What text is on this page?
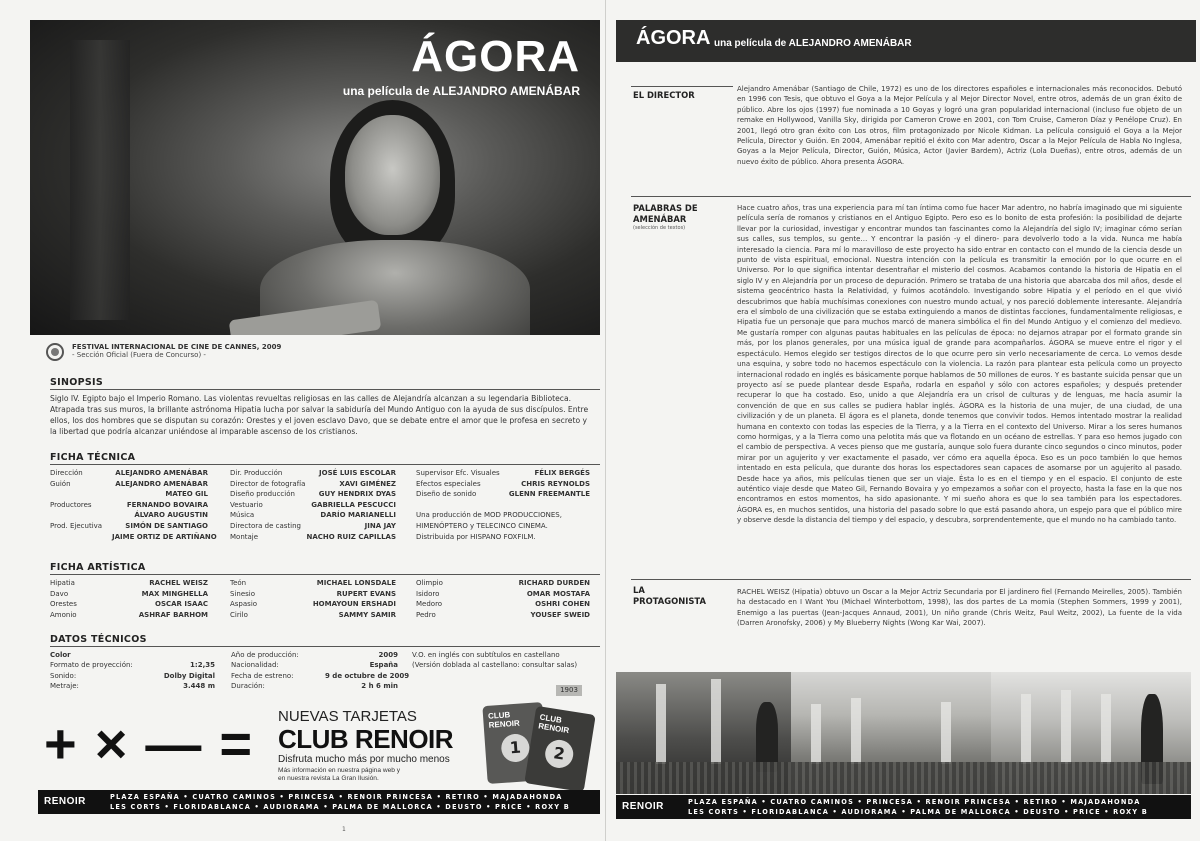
ÁGORA
una película de ALEJANDRO AMENÁBAR
FESTIVAL INTERNACIONAL DE CINE DE CANNES, 2009
- Sección Oficial (Fuera de Concurso) -
SINOPSIS
Siglo IV. Egipto bajo el Imperio Romano. Las violentas revueltas religiosas en las calles de Alejandría alcanzan a su legendaria Biblioteca. Atrapada tras sus muros, la brillante astrónoma Hipatia lucha por salvar la sabiduría del Mundo Antiguo con la ayuda de sus discípulos. Entre ellos, los dos hombres que se disputan su corazón: Orestes y el joven esclavo Davo, que se debate entre el amor que le profesa en secreto y la libertad que podría alcanzar uniéndose al imparable ascenso de los cristianos.
FICHA TÉCNICA
Dirección	ALEJANDRO AMENÁBAR	Dir. Producción	JOSÉ LUIS ESCOLAR	Supervisor Efc. Visuales	FÉLIX BERGÉS
Guión	ALEJANDRO AMENÁBAR	Director de fotografía	XAVI GIMÉNEZ	Efectos especiales	CHRIS REYNOLDS
MATEO GIL	Diseño producción	GUY HENDRIX DYAS	Diseño de sonido	GLENN FREEMANTLE
Productores	FERNANDO BOVAIRA	Vestuario	GABRIELLA PESCUCCI
ÁLVARO AUGUSTIN	Música	DARÍO MARIANELLI	Una producción de MOD PRODUCCIONES,
Prod. Ejecutiva	SIMÓN DE SANTIAGO	Directora de casting	JINA JAY	HIMENÓPTERO y TELECINCO CINEMA.
JAIME ORTIZ DE ARTIÑANO	Montaje	NACHO RUIZ CAPILLAS	Distribuida por HISPANO FOXFILM.
FICHA ARTÍSTICA
Hipatia	RACHEL WEISZ	Teón	MICHAEL LONSDALE	Olimpio	RICHARD DURDEN
Davo	MAX MINGHELLA	Sinesio	RUPERT EVANS	Isidoro	OMAR MOSTAFA
Orestes	OSCAR ISAAC	Aspasio	HOMAYOUN ERSHADI	Medoro	OSHRI COHEN
Amonio	ASHRAF BARHOM	Cirilo	SAMMY SAMIR	Pedro	YOUSEF SWEID
DATOS TÉCNICOS
Color	Año de producción:	2009	V.O. en inglés con subtítulos en castellano
Formato de proyección:	1:2,35	Nacionalidad:	España	(Versión doblada al castellano: consultar salas)
Sonido:	Dolby Digital	Fecha de estreno:	9 de octubre de 2009
Metraje:	3.448 m	Duración:	2 h 6 min
1903
+ × — = NUEVAS TARJETAS
CLUB RENOIR
Disfruta mucho más por mucho menos
Más información en nuestra página web y
en nuestra revista La Gran Ilusión.
CLUB RENOIR
1
CLUB RENOIR
2
RENOIR	PLAZA ESPAÑA • CUATRO CAMINOS • PRINCESA • RENOIR PRINCESA • RETIRO • MAJADAHONDA
LES CORTS • FLORIDABLANCA • AUDIORAMA • PALMA DE MALLORCA • DEUSTO • PRICE • ROXY B
1
ÁGORA una película de ALEJANDRO AMENÁBAR
EL DIRECTOR
Alejandro Amenábar (Santiago de Chile, 1972) es uno de los directores españoles e internacionales más reconocidos. Debutó en 1996 con Tesis, que obtuvo el Goya a la Mejor Película y al Mejor Director Novel, entre otros, además de un gran éxito de público. Abre los ojos (1997) fue nominada a 10 Goyas y logró una gran popularidad internacional (incluso fue objeto de un remake en Hollywood, Vanilla Sky, dirigida por Cameron Crowe en 2001, con Tom Cruise, Cameron Díaz y Penélope Cruz). En 2001, llegó otro gran éxito con Los otros, film protagonizado por Nicole Kidman. La película consiguió el Goya a la Mejor Película, Director y Guión. En 2004, Amenábar repitió el éxito con Mar adentro, Oscar a la Mejor Película de Habla No Inglesa, Goyas a la Mejor Película, Director, Guión, Música, Actor (Javier Bardem), Actriz (Lola Dueñas), entre otros, además de un nuevo éxito de público. Ahora presenta ÁGORA.
PALABRAS DE AMENÁBAR
(selección de textos)
Hace cuatro años, tras una experiencia para mí tan íntima como fue hacer Mar adentro, no habría imaginado que mi siguiente película sería de romanos y cristianos en el Antiguo Egipto. Pero eso es lo bonito de esta profesión: la posibilidad de dejarte llevar por la curiosidad, investigar y encontrar mundos tan fascinantes como la Alejandría del siglo IV; imaginar cómo serían sus calles, sus templos, su gente… Y encontrar la pasión -y el dinero- para devolverlo todo a la vida. Nunca me había interesado la ciencia. Para mí lo maravilloso de este proyecto ha sido entrar en contacto con el mundo de la ciencia desde un punto de vista espiritual, emocional. Nuestra intención con la película es transmitir la emoción por lo que ocurre en el Universo. Por lo que significa intentar desentrañar el misterio del cosmos. Acabamos contando la historia de Hipatia en el siglo IV y en Alejandría por un proceso de depuración. Primero se trataba de una historia que abarcaba dos mil años, desde el sistema geocéntrico hasta la Relatividad, y fuimos acotándolo. Investigando sobre Hipatia y el período en el que vivió descubrimos que había muchísimas conexiones con nuestro mundo actual, y nos pareció doblemente interesante. Alejandría era el símbolo de una civilización que se estaba extinguiendo a manos de distintas facciones, fundamentalmente religiosas, e Hipatia fue un personaje que para muchos marcó de manera simbólica el fin del Mundo Antiguo y el comienzo del medievo. Me gustaría romper con algunas pautas habituales en las películas de época: no dejarnos atrapar por el formato grande sin más, por los planos generales, por una música igual de grande para acompañarlos. ÁGORA se mueve entre el rigor y el espectáculo. Hemos elegido ser testigos directos de lo que ocurre pero sin verlo necesariamente de cerca. Lo vemos desde una esquina, y sobre todo no hacemos espectáculo con la violencia. La razón para plantear esta película como un proyecto internacional rodado en inglés es básicamente porque hablamos de 50 millones de euros. Y es bastante suicida pensar que un proyecto así se puede plantear desde España, rodarla en español y sólo con actores españoles; y después pretender recuperar lo que ha costado. Eso, unido a que Alejandría era un crisol de culturas y de lenguas, me hacía asumir la convención de que en sus calles se pudiera hablar inglés. ÁGORA es la historia de una mujer, de una ciudad, de una civilización y de un planeta. El ágora es el planeta, donde tenemos que convivir todos. Hemos intentado mostrar la realidad humana en contexto con todas las especies de la Tierra, y a la Tierra en el contexto del Universo. Mirar a los seres humanos como hormigas, y a la Tierra como una pelotita más que va flotando en un océano de estrellas. Y para eso hemos jugado con el cambio de perspectiva. A veces pienso que me gustaría, aunque solo fuera durante cinco segundos o cinco minutos, poder mirar por un agujerito y ver exactamente el pasado, ver cómo era aquella época. Eso es un poco también lo que hemos intentado en esta película, que durante dos horas los espectadores sean capaces de asomarse por un agujerito al pasado. Desde hace ya años, mis películas tienen que ser un viaje. Ésta lo es en el tiempo y en el espacio. El conjunto de este auténtico viaje desde que Mateo Gil, Fernando Bovaira y yo empezamos a soñar con el proyecto, hasta la fase en la que nos encontramos en estos momentos, ha sido apasionante. Y mi sueño ahora es que lo sea también para los espectadores. ÁGORA es, en muchos sentidos, una historia del pasado sobre lo que está pasando ahora, un espejo para que el público mire y observe desde la distancia del tiempo y del espacio, y descubra, sorprendentemente, que el mundo no ha cambiado tanto.
LA PROTAGONISTA
RACHEL WEISZ (Hipatia) obtuvo un Oscar a la Mejor Actriz Secundaria por El jardinero fiel (Fernando Meirelles, 2005). También ha destacado en I Want You (Michael Winterbottom, 1998), las dos partes de La momia (Stephen Sommers, 1999 y 2001), Enemigo a las puertas (Jean-Jacques Annaud, 2001), Un niño grande (Chris Weitz, Paul Weitz, 2002), La fuente de la vida (Darren Aronofsky, 2006) y My Blueberry Nights (Wong Kar Wai, 2007).
RENOIR	PLAZA ESPAÑA • CUATRO CAMINOS • PRINCESA • RENOIR PRINCESA • RETIRO • MAJADAHONDA
LES CORTS • FLORIDABLANCA • AUDIORAMA • PALMA DE MALLORCA • DEUSTO • PRICE • ROXY B
